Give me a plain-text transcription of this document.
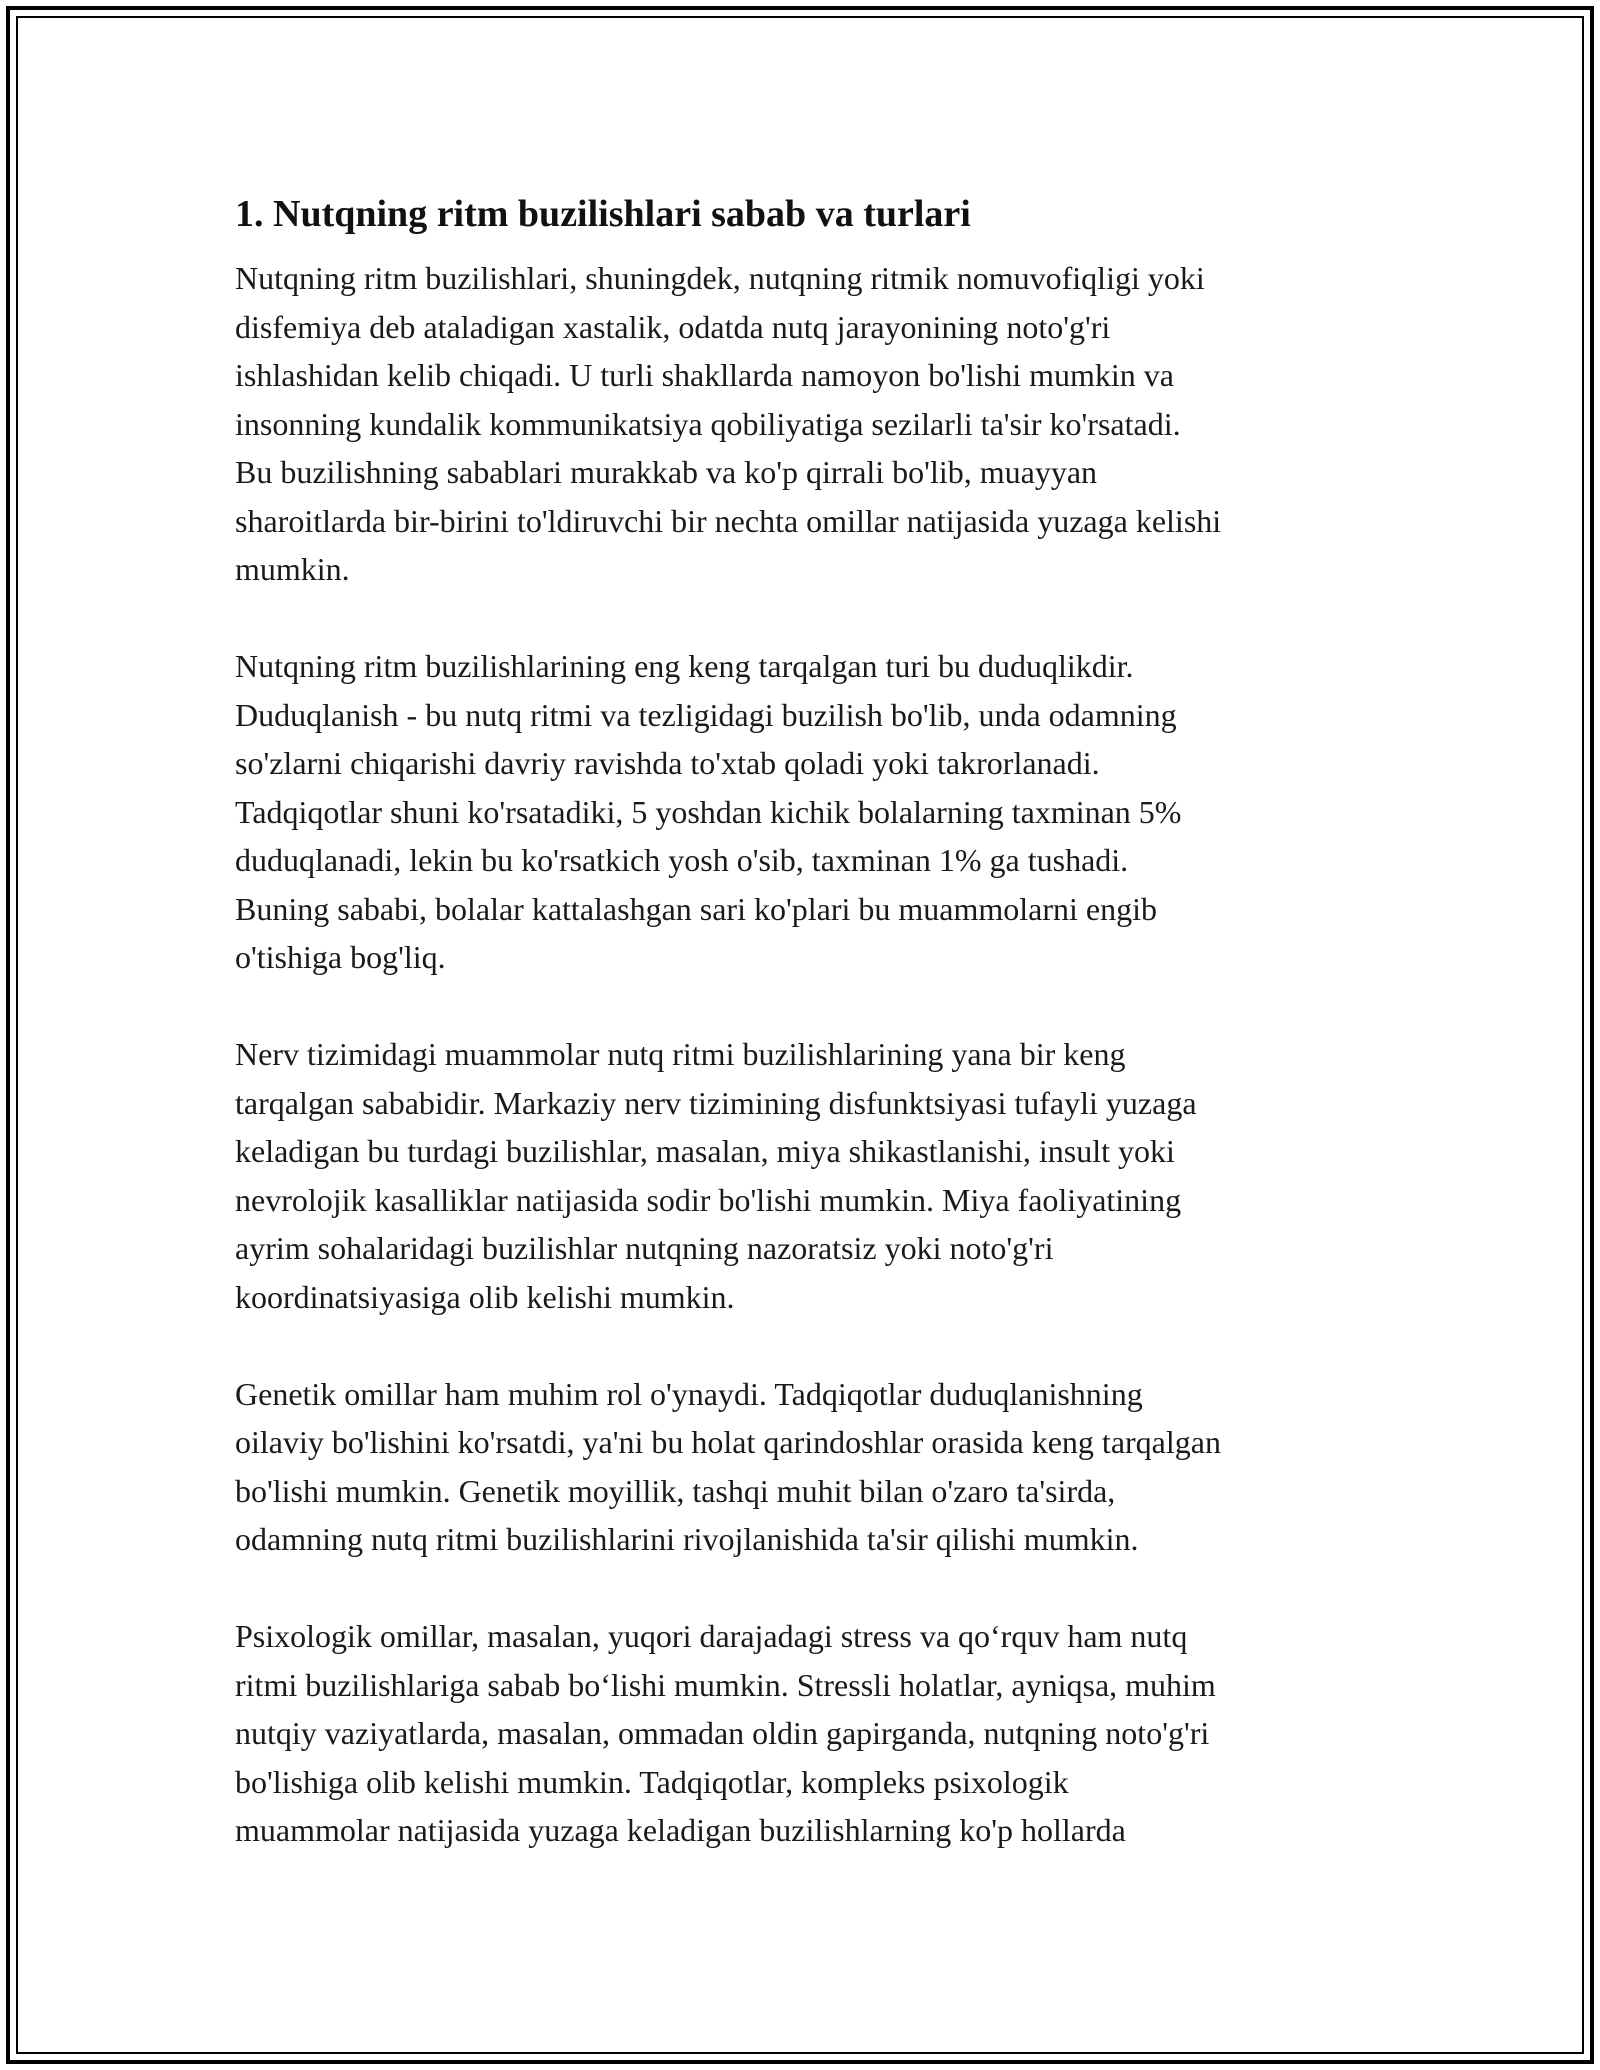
1. Nutqning ritm buzilishlari sabab va turlari

Nutqning ritm buzilishlari, shuningdek, nutqning ritmik nomuvofiqligi yoki
disfemiya deb ataladigan xastalik, odatda nutq jarayonining noto'g'ri
ishlashidan kelib chiqadi. U turli shakllarda namoyon bo'lishi mumkin va
insonning kundalik kommunikatsiya qobiliyatiga sezilarli ta'sir ko'rsatadi.
Bu buzilishning sabablari murakkab va ko'p qirrali bo'lib, muayyan
sharoitlarda bir-birini to'ldiruvchi bir nechta omillar natijasida yuzaga kelishi
mumkin.

Nutqning ritm buzilishlarining eng keng tarqalgan turi bu duduqlikdir.
Duduqlanish - bu nutq ritmi va tezligidagi buzilish bo'lib, unda odamning
so'zlarni chiqarishi davriy ravishda to'xtab qoladi yoki takrorlanadi.
Tadqiqotlar shuni ko'rsatadiki, 5 yoshdan kichik bolalarning taxminan 5%
duduqlanadi, lekin bu ko'rsatkich yosh o'sib, taxminan 1% ga tushadi.
Buning sababi, bolalar kattalashgan sari ko'plari bu muammolarni engib
o'tishiga bog'liq.

Nerv tizimidagi muammolar nutq ritmi buzilishlarining yana bir keng
tarqalgan sababidir. Markaziy nerv tizimining disfunktsiyasi tufayli yuzaga
keladigan bu turdagi buzilishlar, masalan, miya shikastlanishi, insult yoki
nevrolojik kasalliklar natijasida sodir bo'lishi mumkin. Miya faoliyatining
ayrim sohalaridagi buzilishlar nutqning nazoratsiz yoki noto'g'ri
koordinatsiyasiga olib kelishi mumkin.

Genetik omillar ham muhim rol o'ynaydi. Tadqiqotlar duduqlanishning
oilaviy bo'lishini ko'rsatdi, ya'ni bu holat qarindoshlar orasida keng tarqalgan
bo'lishi mumkin. Genetik moyillik, tashqi muhit bilan o'zaro ta'sirda,
odamning nutq ritmi buzilishlarini rivojlanishida ta'sir qilishi mumkin.

Psixologik omillar, masalan, yuqori darajadagi stress va qo‘rquv ham nutq
ritmi buzilishlariga sabab bo‘lishi mumkin. Stressli holatlar, ayniqsa, muhim
nutqiy vaziyatlarda, masalan, ommadan oldin gapirganda, nutqning noto'g'ri
bo'lishiga olib kelishi mumkin. Tadqiqotlar, kompleks psixologik
muammolar natijasida yuzaga keladigan buzilishlarning ko'p hollarda
